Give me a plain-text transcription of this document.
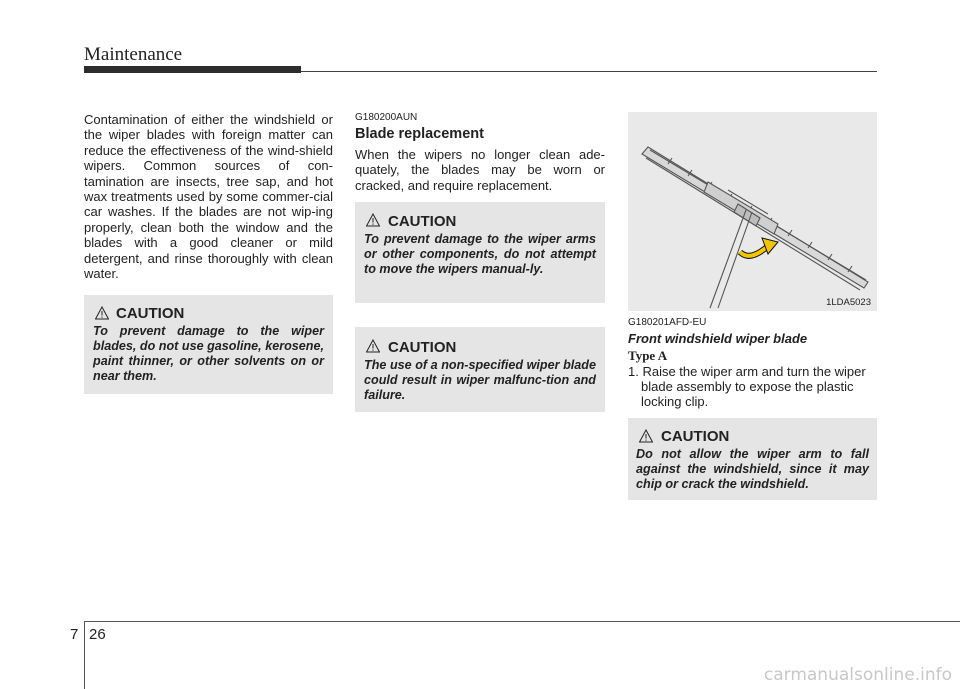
Maintenance
Contamination of either the windshield or the wiper blades with foreign matter can reduce the effectiveness of the wind-shield wipers. Common sources of con-tamination are insects, tree sap, and hot wax treatments used by some commer-cial car washes. If the blades are not wip-ing properly, clean both the window and the blades with a good cleaner or mild detergent, and rinse thoroughly with clean water.
CAUTION
To prevent damage to the wiper blades, do not use gasoline, kerosene, paint thinner, or other solvents on or near them.
G180200AUN
Blade replacement
When the wipers no longer clean ade-quately, the blades may be worn or cracked, and require replacement.
CAUTION
To prevent damage to the wiper arms or other components, do not attempt to move the wipers manual-ly.
CAUTION
The use of a non-specified wiper blade could result in wiper malfunc-tion and failure.
1LDA5023
G180201AFD-EU
Front windshield wiper blade
Type A
1. Raise the wiper arm and turn the wiper
blade assembly to expose the plastic locking clip.
CAUTION
Do not allow the wiper arm to fall against the windshield, since it may chip or crack the windshield.
7 26
carmanualsonline.info
